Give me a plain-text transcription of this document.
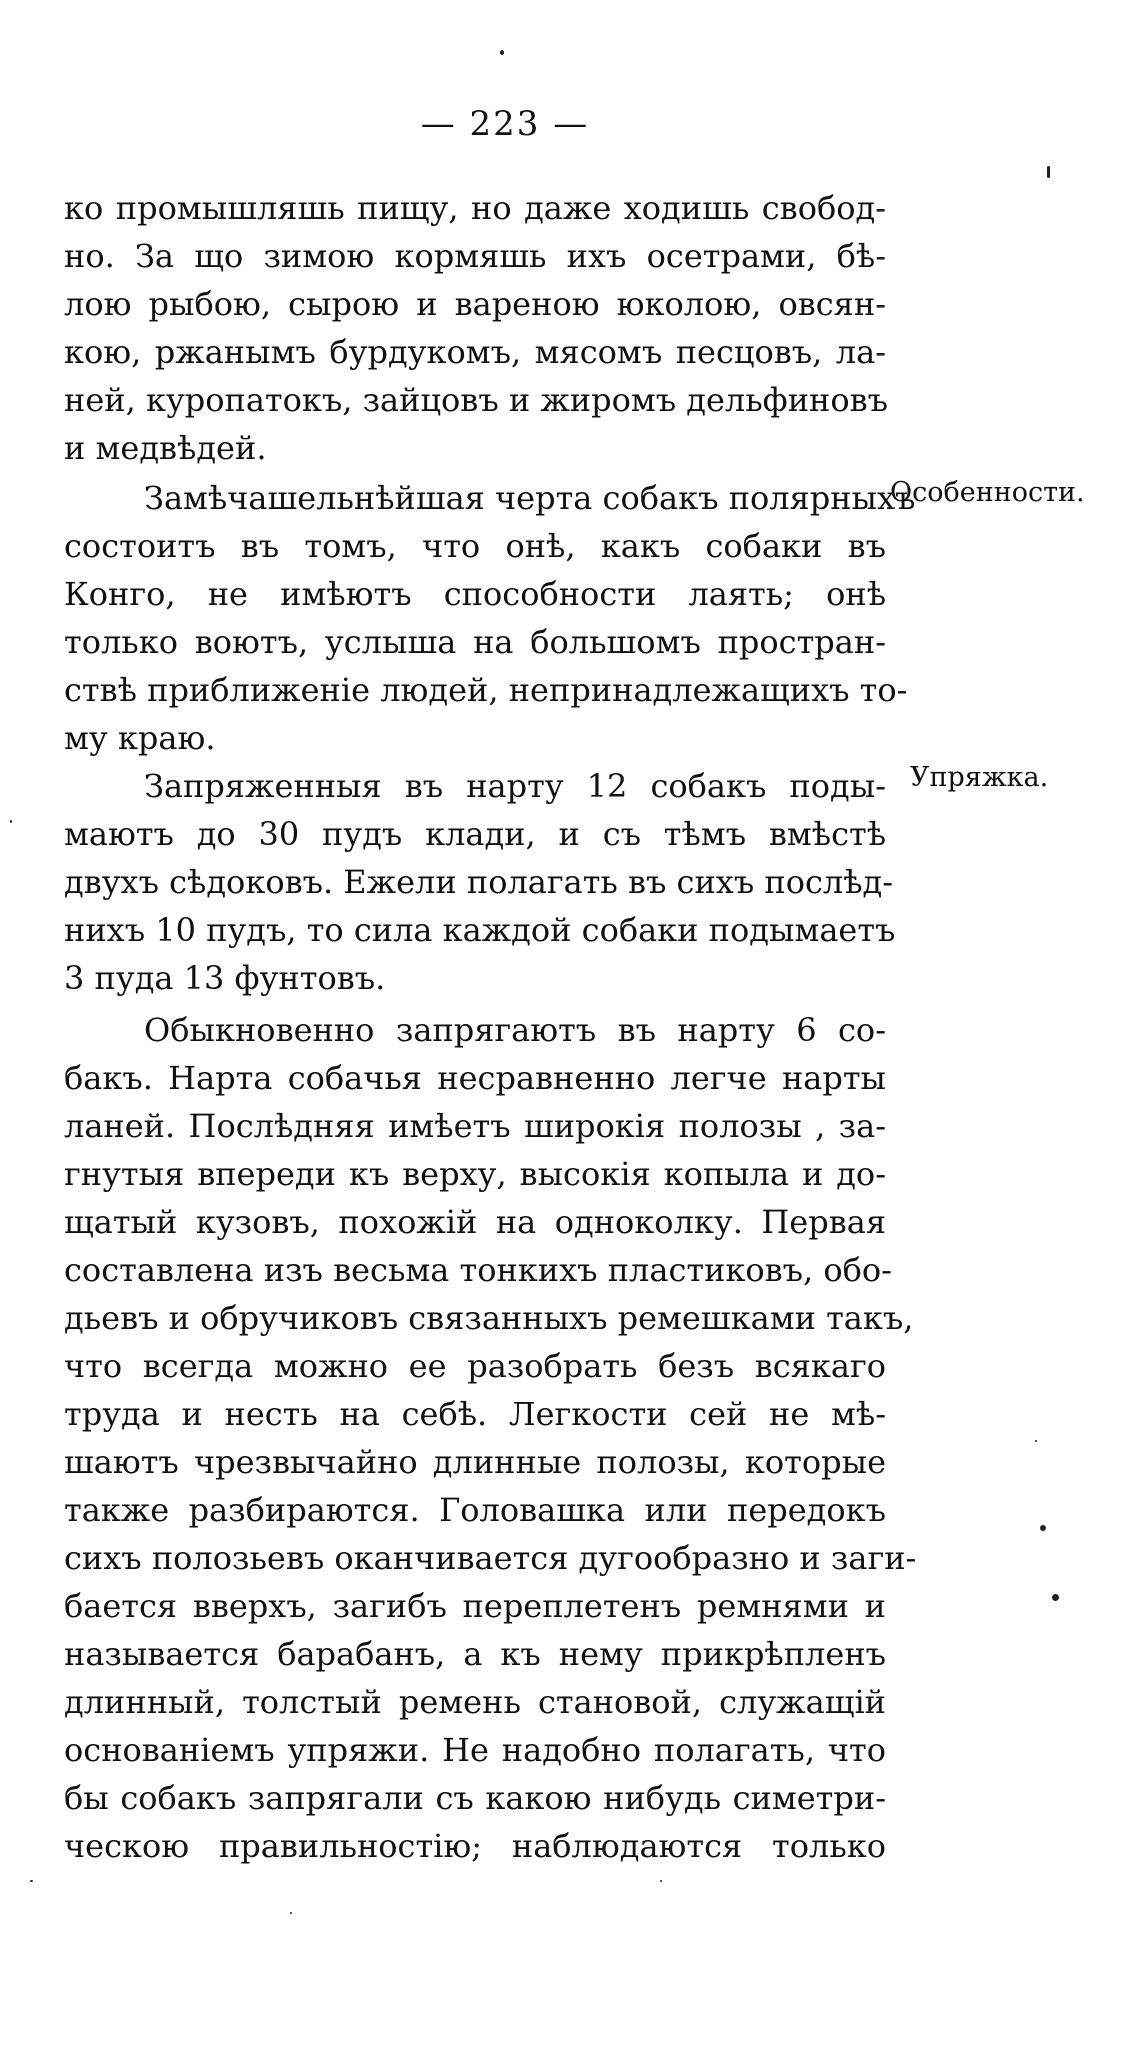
— 223 —
Особенности.
Упряжка.
ко промышляшь пищу, но даже ходишь свобод-
но. За що зимою кормяшь ихъ осетрами, бѣ-
лою рыбою, сырою и вареною юколою, овсян-
кою, ржанымъ бурдукомъ, мясомъ песцовъ, ла-
ней, куропатокъ, зайцовъ и жиромъ дельфиновъ
и медвѣдей.
Замѣчашельнѣйшая черта собакъ полярныхъ
состоитъ въ томъ, что онѣ, какъ собаки въ
Конго, не имѣютъ способности лаять; онѣ
только воютъ, услыша на большомъ простран-
ствѣ приближеніе людей, непринадлежащихъ то-
му краю.
Запряженныя въ нарту 12 собакъ поды-
маютъ до 30 пудъ клади, и съ тѣмъ вмѣстѣ
двухъ сѣдоковъ. Ежели полагать въ сихъ послѣд-
нихъ 10 пудъ, то сила каждой собаки подымаетъ
3 пуда 13 фунтовъ.
Обыкновенно запрягаютъ въ нарту 6 со-
бакъ. Нарта собачья несравненно легче нарты
ланей. Послѣдняя имѣетъ широкія полозы , за-
гнутыя впереди къ верху, высокія копыла и до-
щатый кузовъ, похожій на одноколку. Первая
составлена изъ весьма тонкихъ пластиковъ, обо-
дьевъ и обручиковъ связанныхъ ремешками такъ,
что всегда можно ее разобрать безъ всякаго
труда и несть на себѣ. Легкости сей не мѣ-
шаютъ чрезвычайно длинные полозы, которые
также разбираются. Головашка или передокъ
сихъ полозьевъ оканчивается дугообразно и заги-
бается вверхъ, загибъ переплетенъ ремнями и
называется барабанъ, а къ нему прикрѣпленъ
длинный, толстый ремень становой, служащій
основаніемъ упряжи. Не надобно полагать, что
бы собакъ запрягали съ какою нибудь симетри-
ческою правильностію; наблюдаются только
